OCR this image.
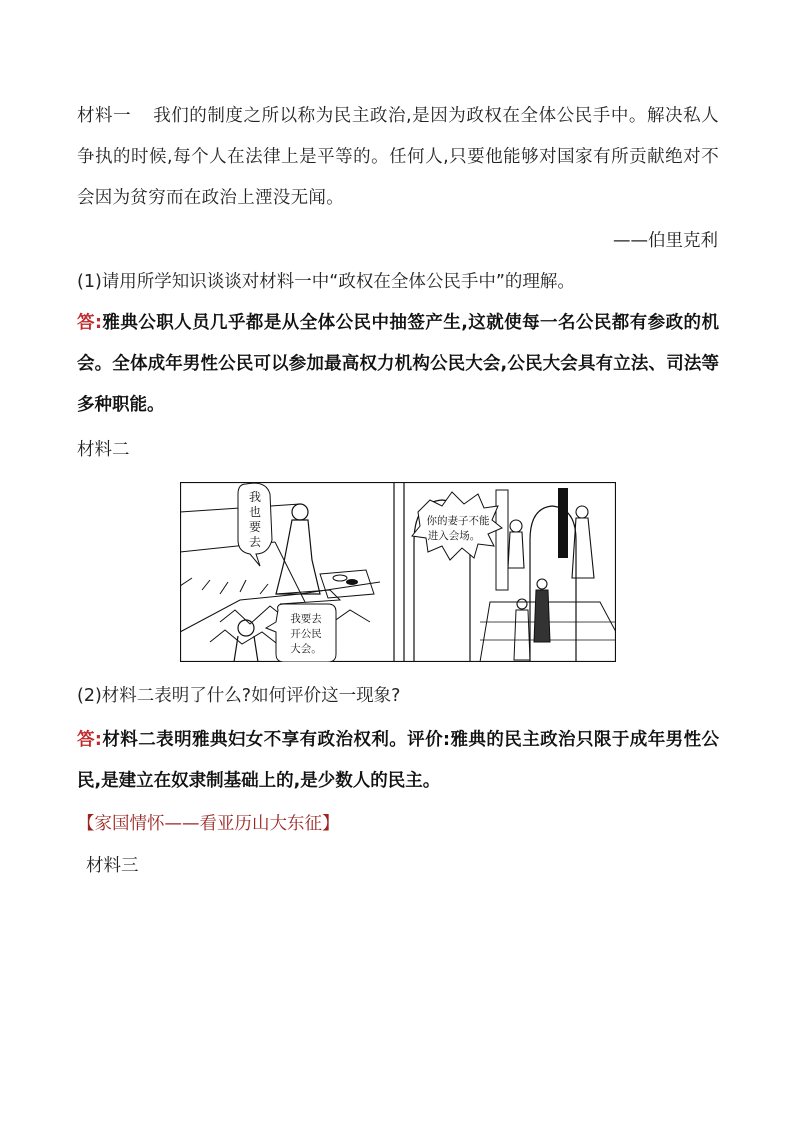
材料一 我们的制度之所以称为民主政治,是因为政权在全体公民手中。解决私人争执的时候,每个人在法律上是平等的。任何人,只要他能够对国家有所贡献绝对不会因为贫穷而在政治上湮没无闻。
——伯里克利
(1)请用所学知识谈谈对材料一中“政权在全体公民手中”的理解。
答:雅典公职人员几乎都是从全体公民中抽签产生,这就使每一名公民都有参政的机会。全体成年男性公民可以参加最高权力机构公民大会,公民大会具有立法、司法等多种职能。
材料二
我
也
要
去
我要去
开公民
大会。
你的妻子不能
进入会场。
(2)材料二表明了什么?如何评价这一现象?
答:材料二表明雅典妇女不享有政治权利。评价:雅典的民主政治只限于成年男性公民,是建立在奴隶制基础上的,是少数人的民主。
【家国情怀——看亚历山大东征】
材料三
